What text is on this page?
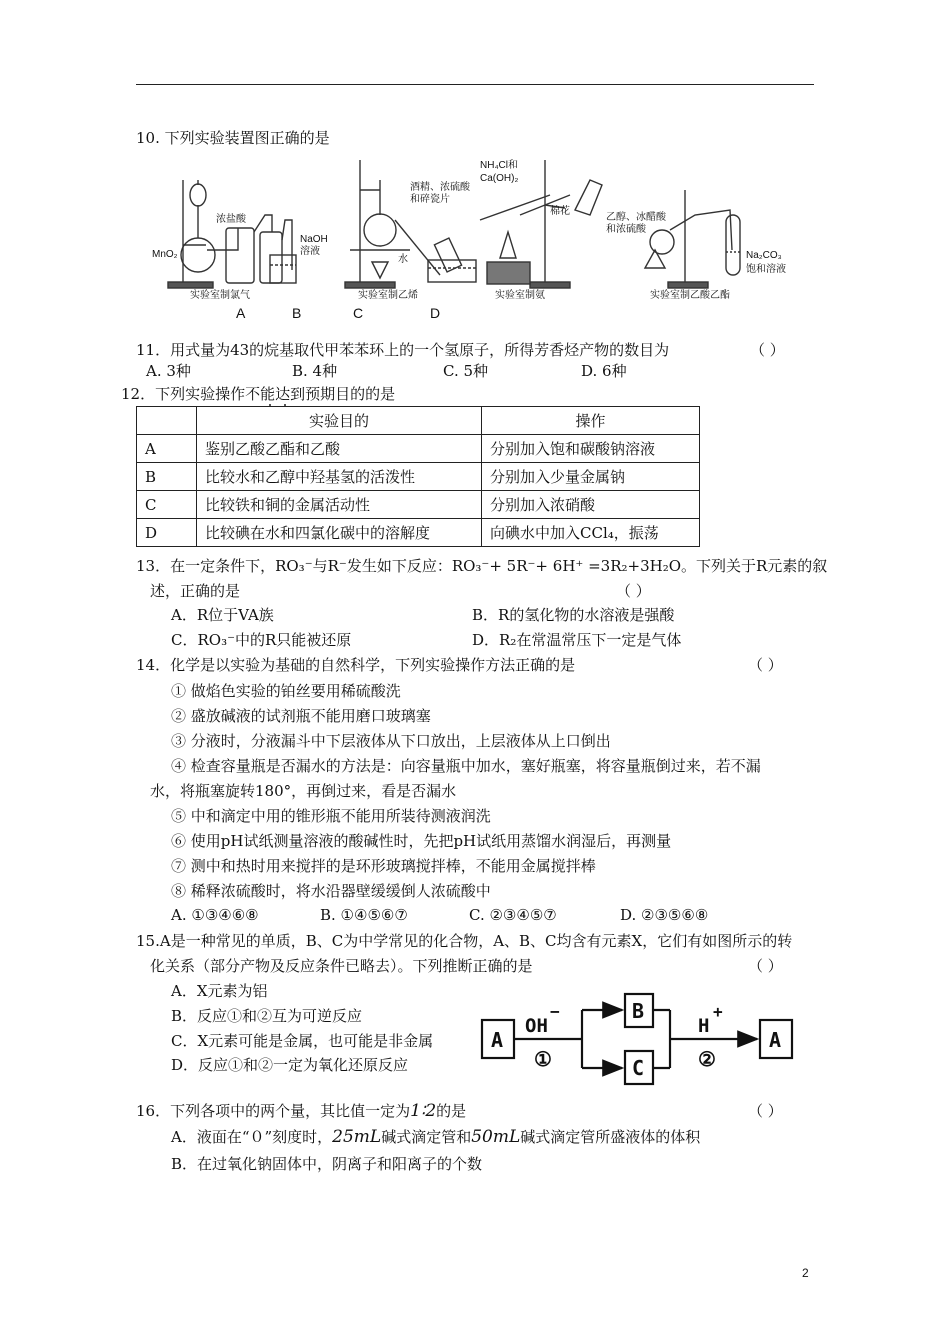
10. 下列实验装置图正确的是
MnO₂
浓盐酸
NaOH
溶液
实验室制氯气
酒精、浓硫酸
和碎瓷片
水
实验室制乙烯
NH₄Cl和
Ca(OH)₂
棉花
实验室制氨
乙醇、冰醋酸
和浓硫酸
Na₂CO₃
饱和溶液
实验室制乙酸乙酯
A	B	C	D
11．用式量为43的烷基取代甲苯苯环上的一个氢原子，所得芳香烃产物的数目为	（ ）
A. 3种	B. 4种	C. 5种	D. 6种
12．下列实验操作不能达到预期目的的是
	实验目的	操作
A	鉴别乙酸乙酯和乙酸	分别加入饱和碳酸钠溶液
B	比较水和乙醇中羟基氢的活泼性	分别加入少量金属钠
C	比较铁和铜的金属活动性	分别加入浓硝酸
D	比较碘在水和四氯化碳中的溶解度	向碘水中加入CCl₄，振荡
13．在一定条件下，RO₃⁻与R⁻发生如下反应：RO₃⁻+ 5R⁻+ 6H⁺ =3R₂+3H₂O。下列关于R元素的叙
述，正确的是	（ ）
A．R位于VA族	B．R的氢化物的水溶液是强酸
C．RO₃⁻中的R只能被还原	D．R₂在常温常压下一定是气体
14．化学是以实验为基础的自然科学，下列实验操作方法正确的是	（ ）
① 做焰色实验的铂丝要用稀硫酸洗
② 盛放碱液的试剂瓶不能用磨口玻璃塞
③ 分液时，分液漏斗中下层液体从下口放出，上层液体从上口倒出
④ 检查容量瓶是否漏水的方法是：向容量瓶中加水，塞好瓶塞，将容量瓶倒过来，若不漏
水，将瓶塞旋转180°，再倒过来，看是否漏水
⑤ 中和滴定中用的锥形瓶不能用所装待测液润洗
⑥ 使用pH试纸测量溶液的酸碱性时，先把pH试纸用蒸馏水润湿后，再测量
⑦ 测中和热时用来搅拌的是环形玻璃搅拌棒，不能用金属搅拌棒
⑧ 稀释浓硫酸时，将水沿器壁缓缓倒人浓硫酸中
A. ①③④⑥⑧	B. ①④⑤⑥⑦	C. ②③④⑤⑦	D. ②③⑤⑥⑧
15.A是一种常见的单质，B、C为中学常见的化合物，A、B、C均含有元素X，它们有如图所示的转
化关系（部分产物及反应条件已略去）。下列推断正确的是	（ ）
A．X元素为铝
B．反应①和②互为可逆反应
C．X元素可能是金属，也可能是非金属
D．反应①和②一定为氧化还原反应
A
OH
−
①
B
C
H
+
②
A
16．下列各项中的两个量，其比值一定为1∶2的是	（ ）
A．液面在“０”刻度时，25mL碱式滴定管和50mL碱式滴定管所盛液体的体积
B．在过氧化钠固体中，阴离子和阳离子的个数
2
